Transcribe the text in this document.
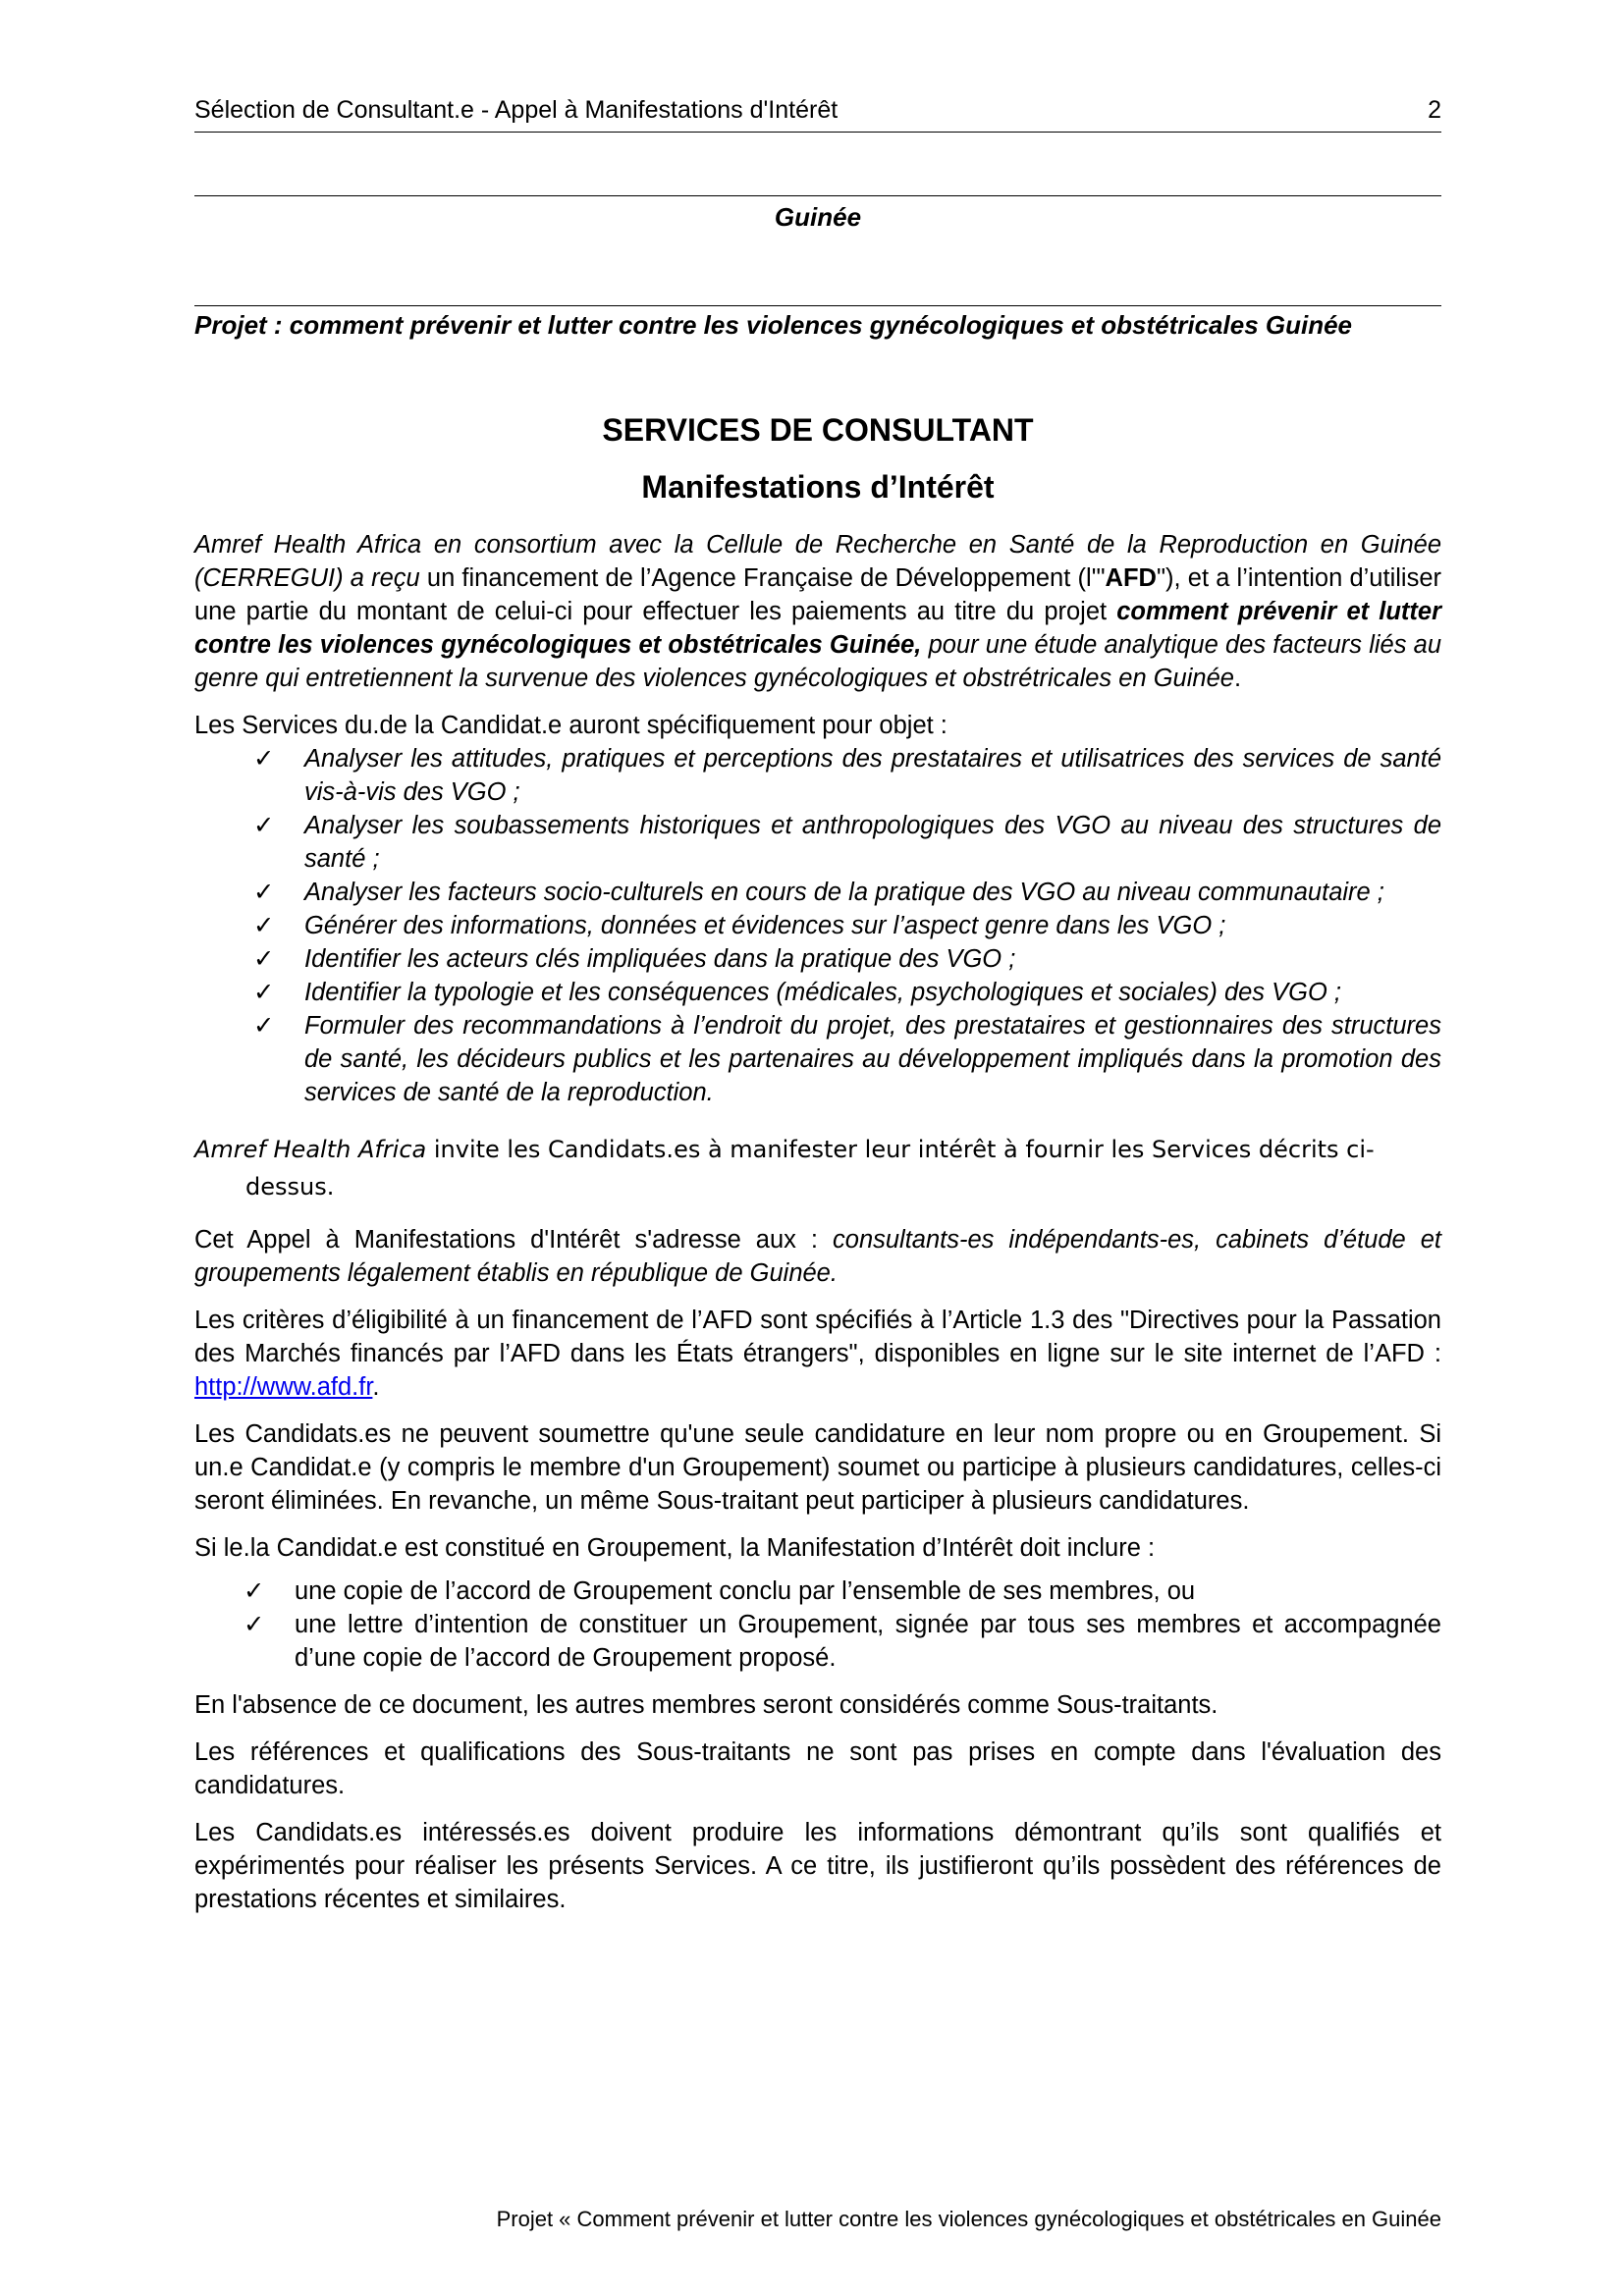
Sélection de Consultant.e - Appel à Manifestations d'Intérêt	2
Guinée
Projet : comment prévenir et lutter contre les violences gynécologiques et obstétricales Guinée
SERVICES DE CONSULTANT
Manifestations d’Intérêt

Amref Health Africa en consortium avec la Cellule de Recherche en Santé de la Reproduction en Guinée (CERREGUI) a reçu un financement de l’Agence Française de Développement (l'"AFD"), et a l’intention d’utiliser une partie du montant de celui-ci pour effectuer les paiements au titre du projet comment prévenir et lutter contre les violences gynécologiques et obstétricales Guinée, pour une étude analytique des facteurs liés au genre qui entretiennent la survenue des violences gynécologiques et obstrétricales en Guinée.

Les Services du.de la Candidat.e auront spécifiquement pour objet :
✓ Analyser les attitudes, pratiques et perceptions des prestataires et utilisatrices des services de santé vis-à-vis des VGO ;
✓ Analyser les soubassements historiques et anthropologiques des VGO au niveau des structures de santé ;
✓ Analyser les facteurs socio-culturels en cours de la pratique des VGO au niveau communautaire ;
✓ Générer des informations, données et évidences sur l’aspect genre dans les VGO ;
✓ Identifier les acteurs clés impliquées dans la pratique des VGO ;
✓ Identifier la typologie et les conséquences (médicales, psychologiques et sociales) des VGO ;
✓ Formuler des recommandations à l’endroit du projet, des prestataires et gestionnaires des structures de santé, les décideurs publics et les partenaires au développement impliqués dans la promotion des services de santé de la reproduction.

Amref Health Africa invite les Candidats.es à manifester leur intérêt à fournir les Services décrits ci-
dessus.

Cet Appel à Manifestations d'Intérêt s'adresse aux : consultants-es indépendants-es, cabinets d’étude et groupements légalement établis en république de Guinée.

Les critères d’éligibilité à un financement de l’AFD sont spécifiés à l’Article 1.3 des "Directives pour la Passation des Marchés financés par l’AFD dans les États étrangers", disponibles en ligne sur le site internet de l’AFD : http://www.afd.fr.

Les Candidats.es ne peuvent soumettre qu'une seule candidature en leur nom propre ou en Groupement. Si un.e Candidat.e (y compris le membre d'un Groupement) soumet ou participe à plusieurs candidatures, celles-ci seront éliminées. En revanche, un même Sous-traitant peut participer à plusieurs candidatures.

Si le.la Candidat.e est constitué en Groupement, la Manifestation d’Intérêt doit inclure :

✓ une copie de l’accord de Groupement conclu par l’ensemble de ses membres, ou
✓ une lettre d’intention de constituer un Groupement, signée par tous ses membres et accompagnée d’une copie de l’accord de Groupement proposé.

En l'absence de ce document, les autres membres seront considérés comme Sous-traitants.

Les références et qualifications des Sous-traitants ne sont pas prises en compte dans l'évaluation des candidatures.

Les Candidats.es intéressés.es doivent produire les informations démontrant qu’ils sont qualifiés et expérimentés pour réaliser les présents Services. A ce titre, ils justifieront qu’ils possèdent des références de prestations récentes et similaires.

Projet « Comment prévenir et lutter contre les violences gynécologiques et obstétricales en Guinée
